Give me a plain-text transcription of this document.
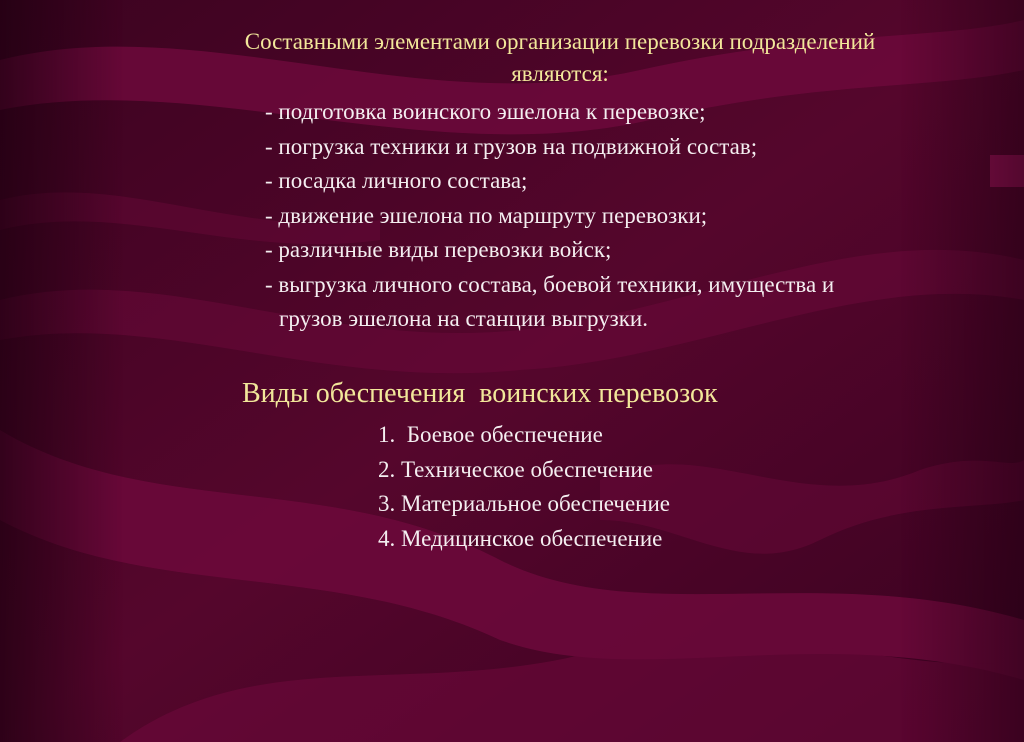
Составными элементами организации перевозки подразделений
являются:
- подготовка воинского эшелона к перевозке;
- погрузка техники и грузов на подвижной состав;
- посадка личного состава;
- движение эшелона по маршруту перевозки;
- различные виды перевозки войск;
- выгрузка личного состава, боевой техники, имущества и
грузов эшелона на станции выгрузки.
Виды обеспечения  воинских перевозок
1.  Боевое обеспечение
2. Техническое обеспечение
3. Материальное обеспечение
4. Медицинское обеспечение
